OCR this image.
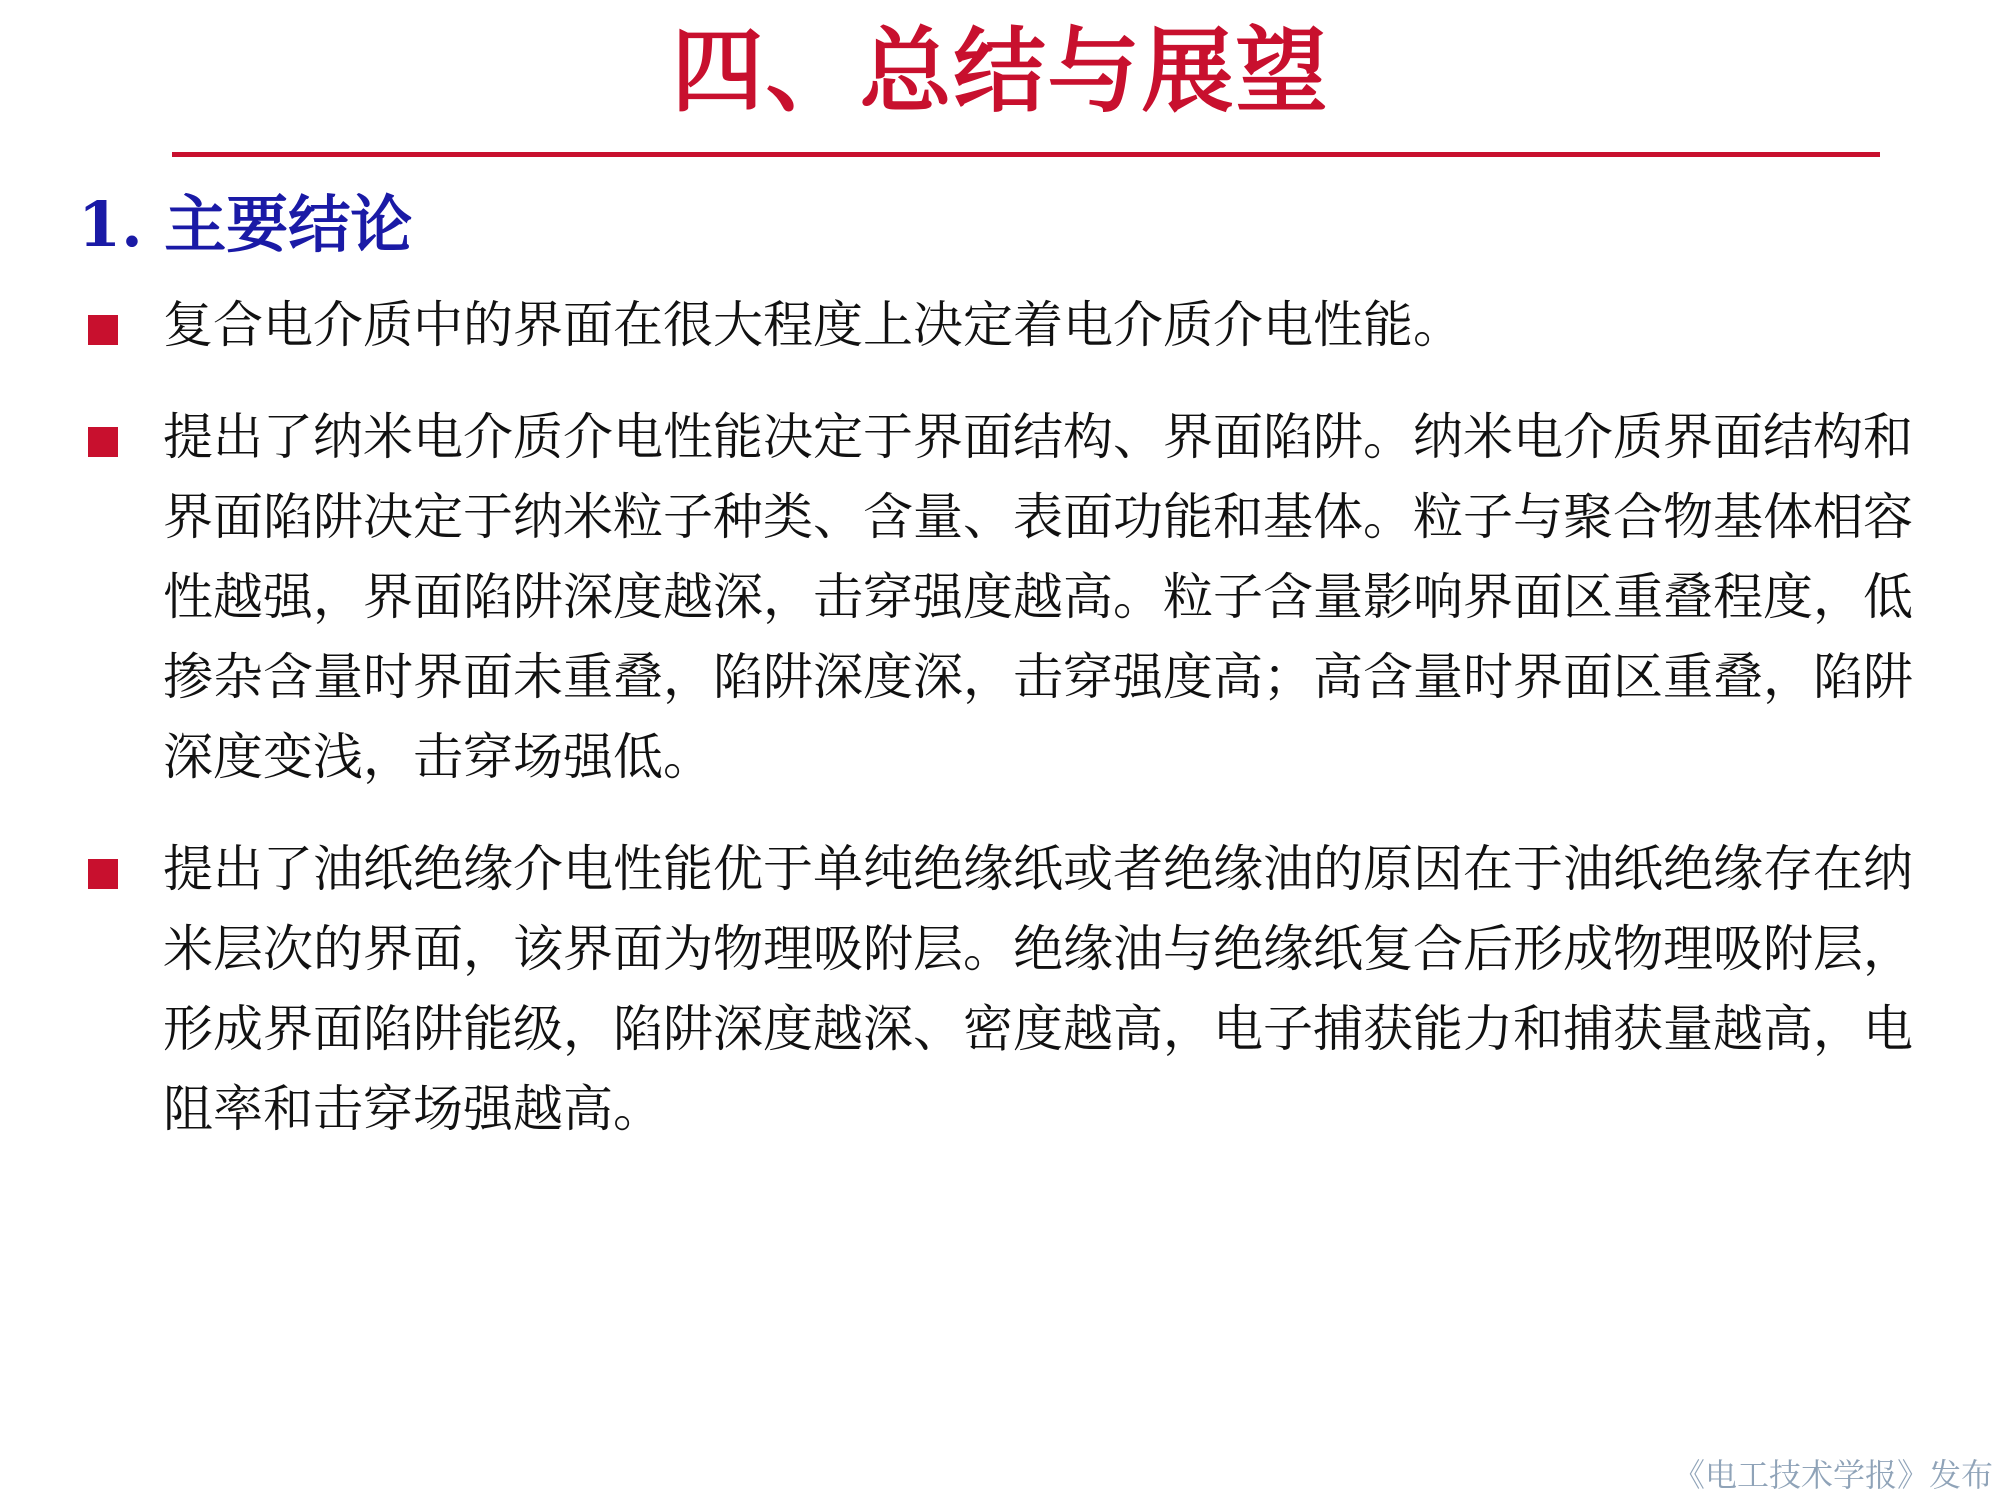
四、总结与展望
1. 主要结论
复合电介质中的界面在很大程度上决定着电介质介电性能。
提出了纳米电介质介电性能决定于界面结构、界面陷阱。纳米电介质界面结构和界面陷阱决定于纳米粒子种类、含量、表面功能和基体。粒子与聚合物基体相容性越强，界面陷阱深度越深，击穿强度越高。粒子含量影响界面区重叠程度，低掺杂含量时界面未重叠，陷阱深度深，击穿强度高；高含量时界面区重叠，陷阱深度变浅，击穿场强低。
提出了油纸绝缘介电性能优于单纯绝缘纸或者绝缘油的原因在于油纸绝缘存在纳米层次的界面，该界面为物理吸附层。绝缘油与绝缘纸复合后形成物理吸附层，形成界面陷阱能级，陷阱深度越深、密度越高，电子捕获能力和捕获量越高，电阻率和击穿场强越高。
《电工技术学报》发布
